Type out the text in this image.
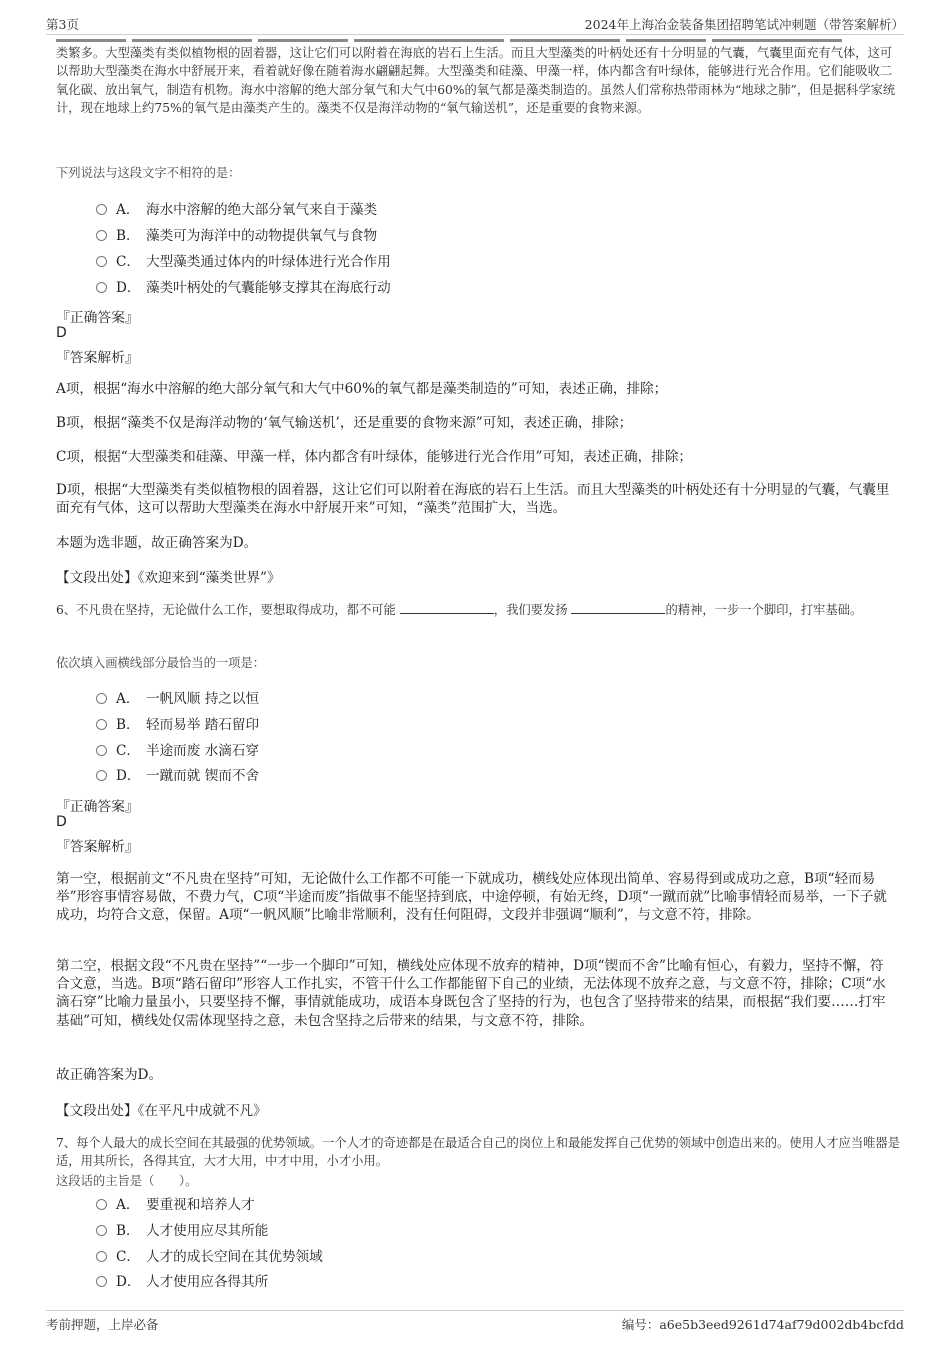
第3页	2024年上海冶金装备集团招聘笔试冲刺题（带答案解析）
类繁多。大型藻类有类似植物根的固着器，这让它们可以附着在海底的岩石上生活。而且大型藻类的叶柄处还有十分明显的气囊，气囊里面充有气体，这可以帮助大型藻类在海水中舒展开来，看着就好像在随着海水翩翩起舞。大型藻类和硅藻、甲藻一样，体内都含有叶绿体，能够进行光合作用。它们能吸收二氧化碳、放出氧气，制造有机物。海水中溶解的绝大部分氧气和大气中60%的氧气都是藻类制造的。虽然人们常称热带雨林为“地球之肺”，但是据科学家统计，现在地球上约75%的氧气是由藻类产生的。藻类不仅是海洋动物的“氧气输送机”，还是重要的食物来源。
下列说法与这段文字不相符的是：
A． 海水中溶解的绝大部分氧气来自于藻类
B． 藻类可为海洋中的动物提供氧气与食物
C． 大型藻类通过体内的叶绿体进行光合作用
D． 藻类叶柄处的气囊能够支撑其在海底行动
『正确答案』
D
『答案解析』
A项，根据“海水中溶解的绝大部分氧气和大气中60%的氧气都是藻类制造的”可知，表述正确，排除；
B项，根据“藻类不仅是海洋动物的‘氧气输送机’，还是重要的食物来源”可知，表述正确，排除；
C项，根据“大型藻类和硅藻、甲藻一样，体内都含有叶绿体，能够进行光合作用”可知，表述正确，排除；
D项，根据“大型藻类有类似植物根的固着器，这让它们可以附着在海底的岩石上生活。而且大型藻类的叶柄处还有十分明显的气囊，气囊里面充有气体，这可以帮助大型藻类在海水中舒展开来”可知，“藻类”范围扩大，当选。
本题为选非题，故正确答案为D。
【文段出处】《欢迎来到“藻类世界”》
6、不凡贵在坚持，无论做什么工作，要想取得成功，都不可能	，我们要发扬	的精神，一步一个脚印，打牢基础。
依次填入画横线部分最恰当的一项是：
A． 一帆风顺 持之以恒
B． 轻而易举 踏石留印
C． 半途而废 水滴石穿
D． 一蹴而就 锲而不舍
『正确答案』
D
『答案解析』
第一空，根据前文“不凡贵在坚持”可知，无论做什么工作都不可能一下就成功，横线处应体现出简单、容易得到或成功之意，B项“轻而易举”形容事情容易做，不费力气，C项“半途而废”指做事不能坚持到底，中途停顿，有始无终，D项“一蹴而就”比喻事情轻而易举，一下子就成功，均符合文意，保留。A项“一帆风顺”比喻非常顺利，没有任何阻碍，文段并非强调“顺利”，与文意不符，排除。
第二空，根据文段“不凡贵在坚持”“一步一个脚印”可知，横线处应体现不放弃的精神，D项“锲而不舍”比喻有恒心，有毅力，坚持不懈，符合文意，当选。B项“踏石留印”形容人工作扎实，不管干什么工作都能留下自己的业绩，无法体现不放弃之意，与文意不符，排除；C项“水滴石穿”比喻力量虽小，只要坚持不懈，事情就能成功，成语本身既包含了坚持的行为，也包含了坚持带来的结果，而根据“我们要……打牢基础”可知，横线处仅需体现坚持之意，未包含坚持之后带来的结果，与文意不符，排除。
故正确答案为D。
【文段出处】《在平凡中成就不凡》
7、每个人最大的成长空间在其最强的优势领域。一个人才的奇迹都是在最适合自己的岗位上和最能发挥自己优势的领域中创造出来的。使用人才应当唯器是适，用其所长，各得其宜，大才大用，中才中用，小才小用。
这段话的主旨是（　　）。
A． 要重视和培养人才
B． 人才使用应尽其所能
C． 人才的成长空间在其优势领域
D． 人才使用应各得其所
考前押题，上岸必备	编号：a6e5b3eed9261d74af79d002db4bcfdd
